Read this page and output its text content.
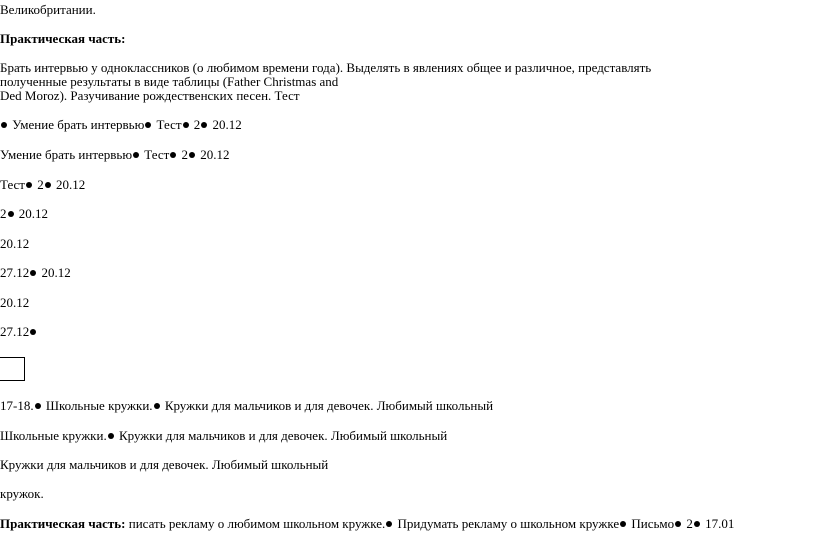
Великобритании.
Практическая часть:
Брать интервью у одноклассников (о любимом времени года). Выделять в явлениях общее и различное, представлять
полученные результаты в виде таблицы (Father Christmas and
Ded Moroz). Разучивание рождественских песен. Тест
Умение брать интервью Тест 2 20.12
Умение брать интервью Тест 2 20.12
Тест 2 20.12
2 20.12
20.12
27.12 20.12
20.12
27.12
17-18. Школьные кружки. Кружки для мальчиков и для девочек. Любимый школьный
Школьные кружки. Кружки для мальчиков и для девочек. Любимый школьный
Кружки для мальчиков и для девочек. Любимый школьный
кружок.
Практическая часть: писать рекламу о любимом школьном кружке. Придумать рекламу о школьном кружке Письмо 2 17.01
